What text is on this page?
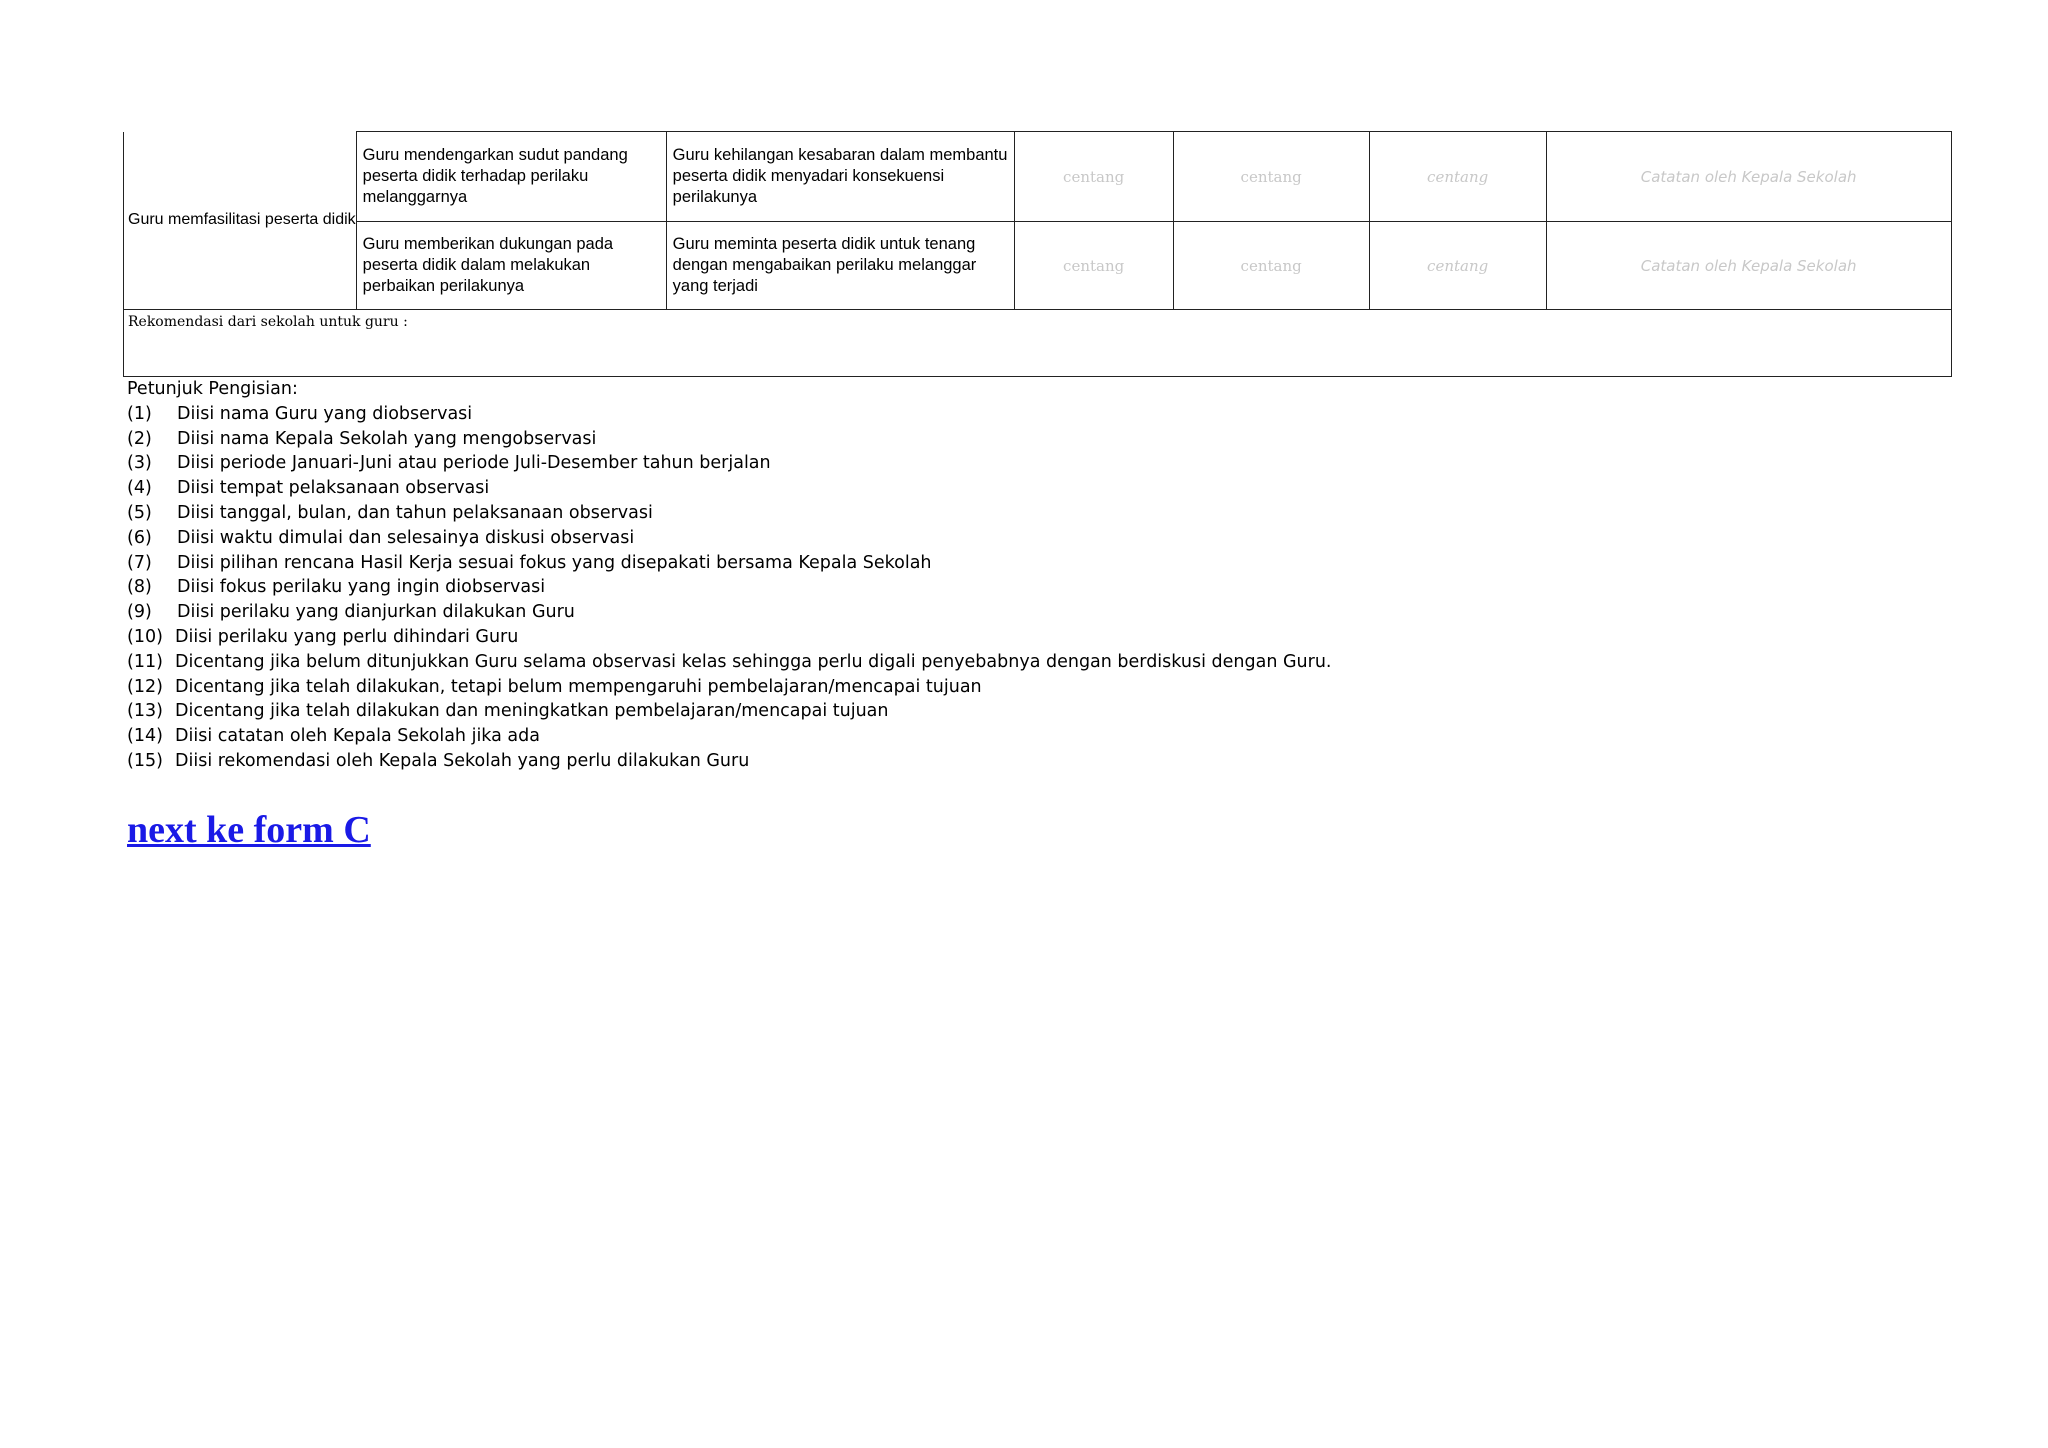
Guru memfasilitasi peserta didik	Guru mendengarkan sudut pandang peserta didik terhadap perilaku melanggarnya	Guru kehilangan kesabaran dalam membantu peserta didik menyadari konsekuensi perilakunya	centang	centang	centang	Catatan oleh Kepala Sekolah
	Guru memberikan dukungan pada peserta didik dalam melakukan perbaikan perilakunya	Guru meminta peserta didik untuk tenang dengan mengabaikan perilaku melanggar yang terjadi	centang	centang	centang	Catatan oleh Kepala Sekolah
Rekomendasi dari sekolah untuk guru :						
Petunjuk Pengisian:
(1)	Diisi nama Guru yang diobservasi
(2)	Diisi nama Kepala Sekolah yang mengobservasi
(3)	Diisi periode Januari-Juni atau periode Juli-Desember tahun berjalan
(4)	Diisi tempat pelaksanaan observasi
(5)	Diisi tanggal, bulan, dan tahun pelaksanaan observasi
(6)	Diisi waktu dimulai dan selesainya diskusi observasi
(7)	Diisi pilihan rencana Hasil Kerja sesuai fokus yang disepakati bersama Kepala Sekolah
(8)	Diisi fokus perilaku yang ingin diobservasi
(9)	Diisi perilaku yang dianjurkan dilakukan Guru
(10) Diisi perilaku yang perlu dihindari Guru
(11) Dicentang jika belum ditunjukkan Guru selama observasi kelas sehingga perlu digali penyebabnya dengan berdiskusi dengan Guru.
(12) Dicentang jika telah dilakukan, tetapi belum mempengaruhi pembelajaran/mencapai tujuan
(13) Dicentang jika telah dilakukan dan meningkatkan pembelajaran/mencapai tujuan
(14) Diisi catatan oleh Kepala Sekolah jika ada
(15) Diisi rekomendasi oleh Kepala Sekolah yang perlu dilakukan Guru
next ke form C
